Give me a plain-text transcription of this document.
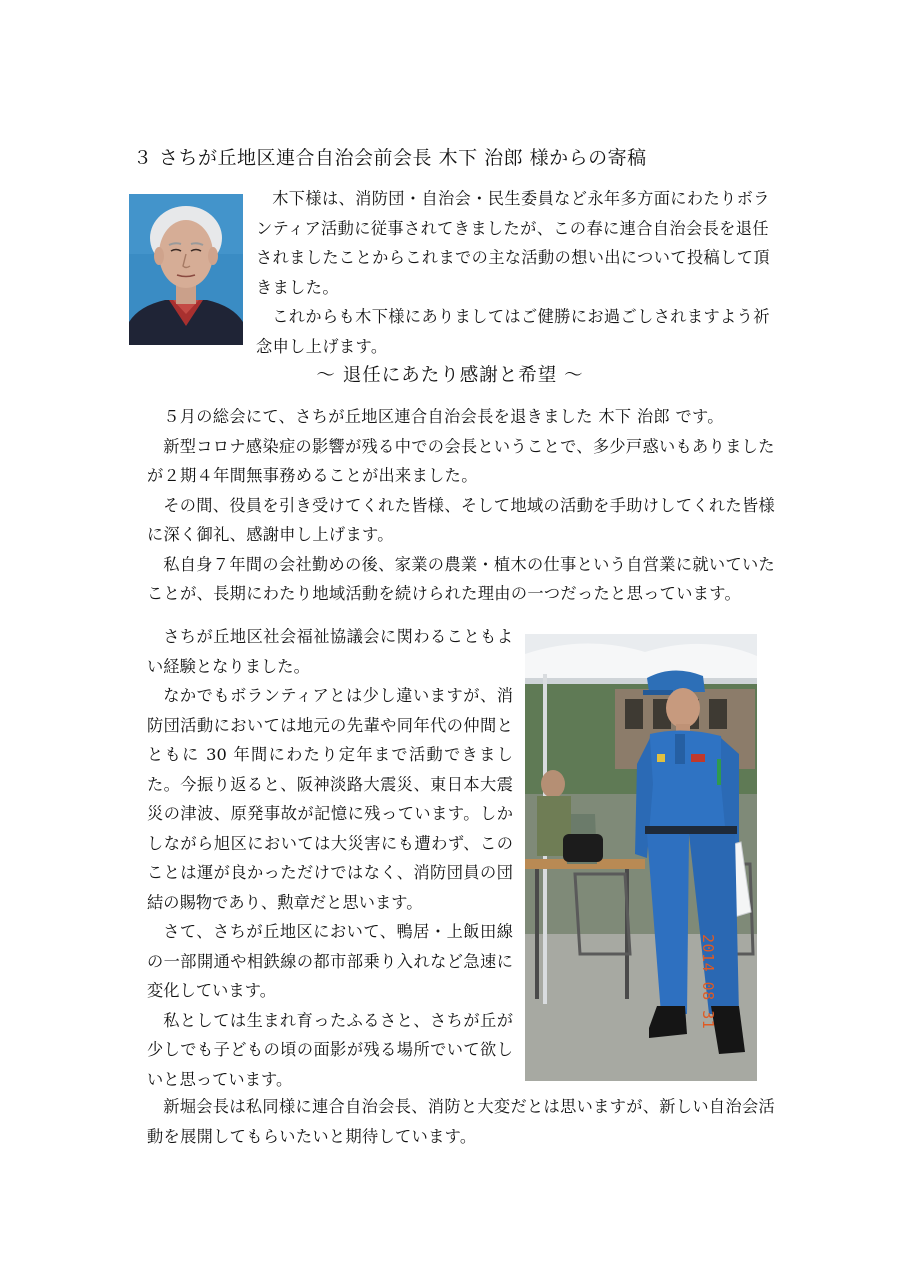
３ さちが丘地区連合自治会前会長 木下 治郎 様からの寄稿

木下様は、消防団・自治会・民生委員など永年多方面にわたりボランティア活動に従事されてきましたが、この春に連合自治会長を退任されましたことからこれまでの主な活動の想い出について投稿して頂きました。

これからも木下様にありましてはご健勝にお過ごしされますよう祈念申し上げます。

～ 退任にあたり感謝と希望 ～

５月の総会にて、さちが丘地区連合自治会長を退きました 木下 治郎 です。

新型コロナ感染症の影響が残る中での会長ということで、多少戸惑いもありましたが２期４年間無事務めることが出来ました。

その間、役員を引き受けてくれた皆様、そして地域の活動を手助けしてくれた皆様に深く御礼、感謝申し上げます。

私自身７年間の会社勤めの後、家業の農業・植木の仕事という自営業に就いていたことが、長期にわたり地域活動を続けられた理由の一つだったと思っています。

さちが丘地区社会福祉協議会に関わることもよい経験となりました。

なかでもボランティアとは少し違いますが、消防団活動においては地元の先輩や同年代の仲間とともに 30 年間にわたり定年まで活動できました。今振り返ると、阪神淡路大震災、東日本大震災の津波、原発事故が記憶に残っています。しかしながら旭区においては大災害にも遭わず、このことは運が良かっただけではなく、消防団員の団結の賜物であり、勲章だと思います。

さて、さちが丘地区において、鴨居・上飯田線の一部開通や相鉄線の都市部乗り入れなど急速に変化しています。

私としては生まれ育ったふるさと、さちが丘が少しでも子どもの頃の面影が残る場所でいて欲しいと思っています。

2014 08 31

新堀会長は私同様に連合自治会長、消防と大変だとは思いますが、新しい自治会活動を展開してもらいたいと期待しています。
